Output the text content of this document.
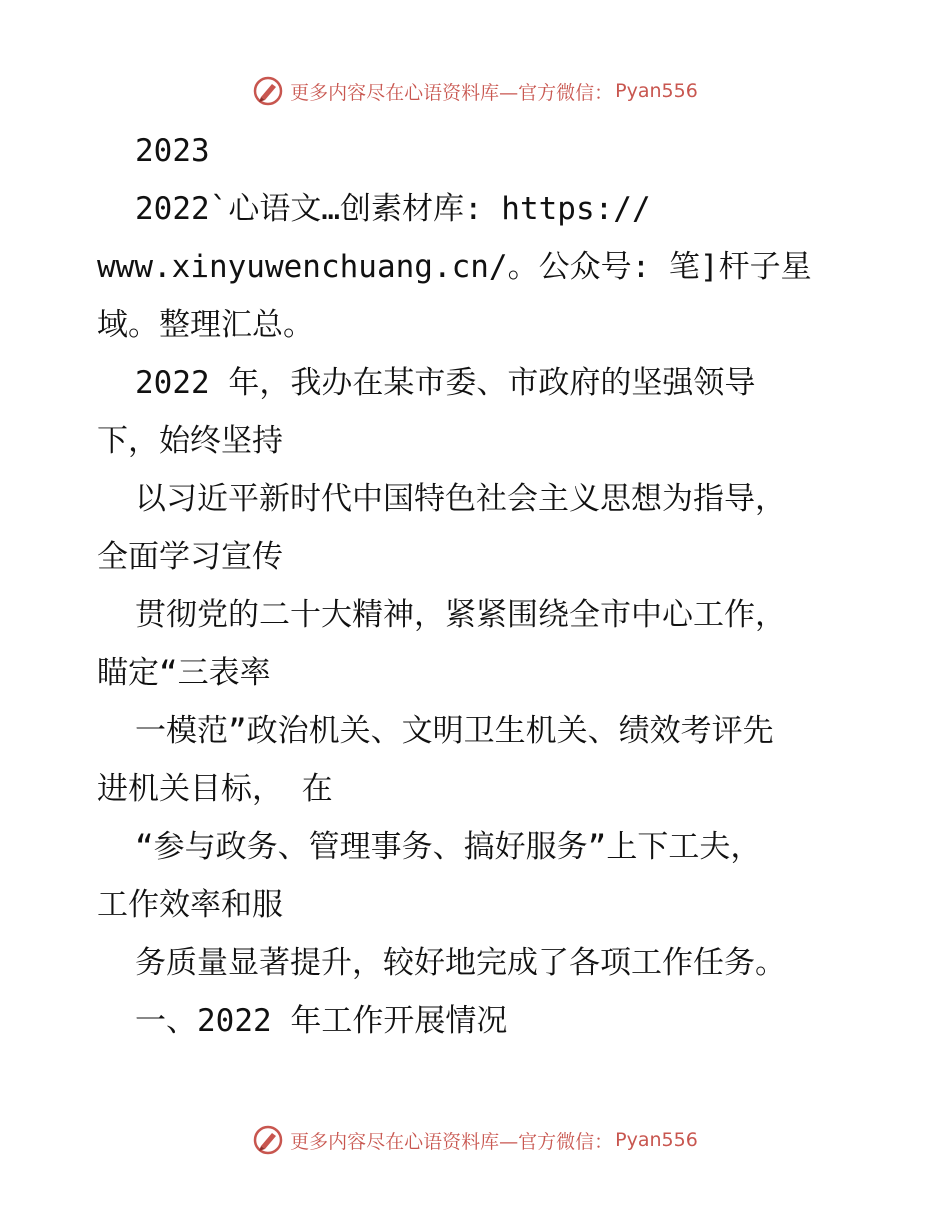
更多内容尽在心语资料库—官方微信： Pyan556
2023
2022`心语文…创素材库: https://
www.xinyuwenchuang.cn/。公众号: 笔]杆子星
域。整理汇总。
2022 年，我办在某市委、市政府的坚强领导
下，始终坚持
以习近平新时代中国特色社会主义思想为指导，
全面学习宣传
贯彻党的二十大精神，紧紧围绕全市中心工作，
瞄定“三表率
一模范”政治机关、文明卫生机关、绩效考评先
进机关目标， 在
“参与政务、管理事务、搞好服务”上下工夫，
工作效率和服
务质量显著提升，较好地完成了各项工作任务。
一、2022 年工作开展情况
更多内容尽在心语资料库—官方微信： Pyan556
